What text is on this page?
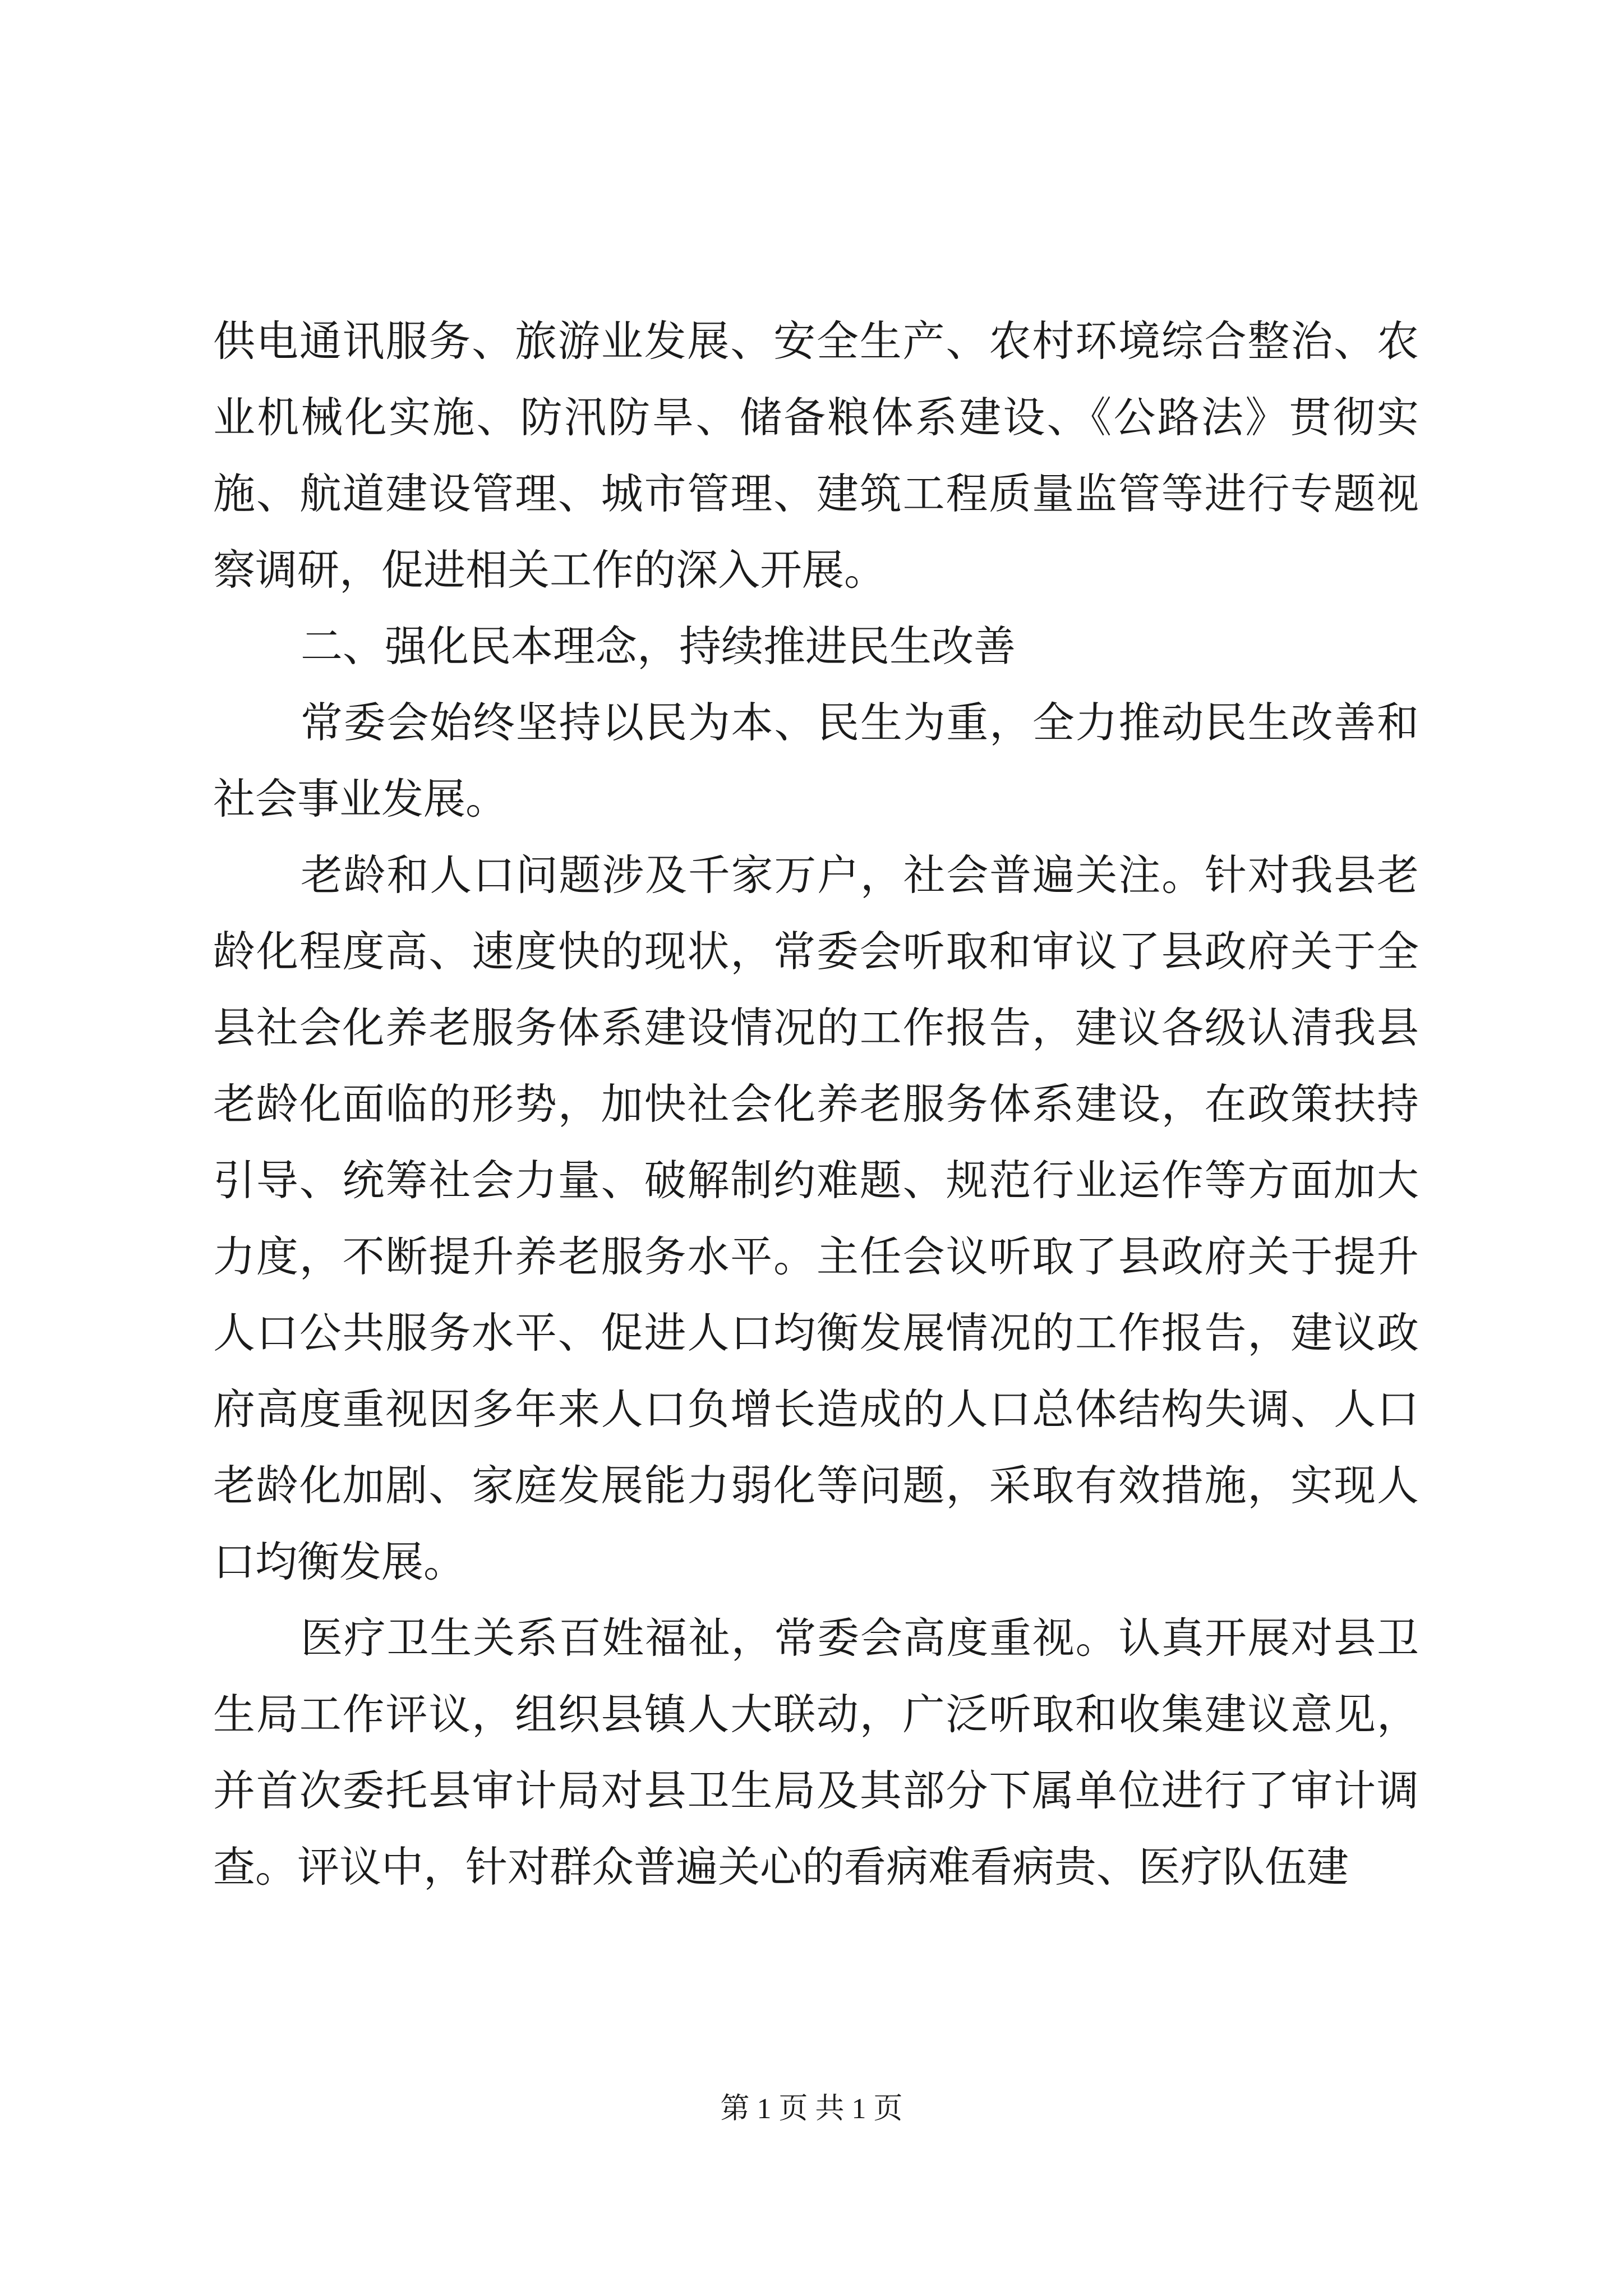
供电通讯服务、旅游业发展、安全生产、农村环境综合整治、农业机械化实施、防汛防旱、储备粮体系建设、《公路法》贯彻实施、航道建设管理、城市管理、建筑工程质量监管等进行专题视察调研，促进相关工作的深入开展。

二、强化民本理念，持续推进民生改善

常委会始终坚持以民为本、民生为重，全力推动民生改善和社会事业发展。

老龄和人口问题涉及千家万户，社会普遍关注。针对我县老龄化程度高、速度快的现状，常委会听取和审议了县政府关于全县社会化养老服务体系建设情况的工作报告，建议各级认清我县老龄化面临的形势，加快社会化养老服务体系建设，在政策扶持引导、统筹社会力量、破解制约难题、规范行业运作等方面加大力度，不断提升养老服务水平。主任会议听取了县政府关于提升人口公共服务水平、促进人口均衡发展情况的工作报告，建议政府高度重视因多年来人口负增长造成的人口总体结构失调、人口老龄化加剧、家庭发展能力弱化等问题，采取有效措施，实现人口均衡发展。

医疗卫生关系百姓福祉，常委会高度重视。认真开展对县卫生局工作评议，组织县镇人大联动，广泛听取和收集建议意见，并首次委托县审计局对县卫生局及其部分下属单位进行了审计调查。评议中，针对群众普遍关心的看病难看病贵、医疗队伍建

第 1 页 共 1 页
